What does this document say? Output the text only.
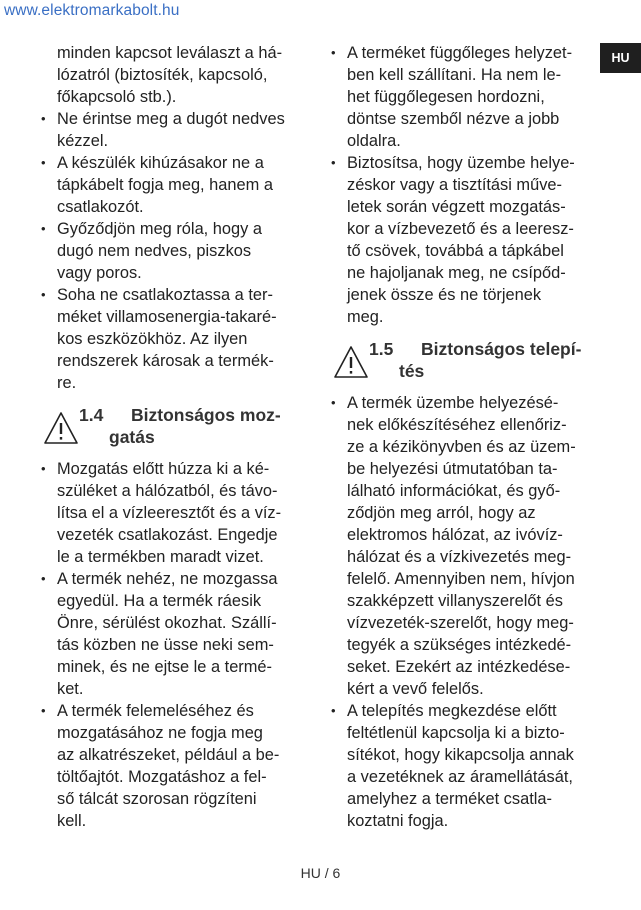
www.elektromarkabolt.hu
HU
minden kapcsot leválaszt a há-
lózatról (biztosíték, kapcsoló,
főkapcsoló stb.).
• Ne érintse meg a dugót nedves
kézzel.
• A készülék kihúzásakor ne a
tápkábelt fogja meg, hanem a
csatlakozót.
• Győződjön meg róla, hogy a
dugó nem nedves, piszkos
vagy poros.
• Soha ne csatlakoztassa a ter-
méket villamosenergia-takaré-
kos eszközökhöz. Az ilyen
rendszerek károsak a termék-
re.
1.4 Biztonságos moz-
gatás
• Mozgatás előtt húzza ki a ké-
szüléket a hálózatból, és távo-
lítsa el a vízleeresztőt és a víz-
vezeték csatlakozást. Engedje
le a termékben maradt vizet.
• A termék nehéz, ne mozgassa
egyedül. Ha a termék ráesik
Önre, sérülést okozhat. Szállí-
tás közben ne üsse neki sem-
minek, és ne ejtse le a termé-
ket.
• A termék felemeléséhez és
mozgatásához ne fogja meg
az alkatrészeket, például a be-
töltőajtót. Mozgatáshoz a fel-
ső tálcát szorosan rögzíteni
kell.
• A terméket függőleges helyzet-
ben kell szállítani. Ha nem le-
het függőlegesen hordozni,
döntse szemből nézve a jobb
oldalra.
• Biztosítsa, hogy üzembe helye-
zéskor vagy a tisztítási műve-
letek során végzett mozgatás-
kor a vízbevezető és a leeresz-
tő csövek, továbbá a tápkábel
ne hajoljanak meg, ne csípőd-
jenek össze és ne törjenek
meg.
1.5 Biztonságos telepí-
tés
• A termék üzembe helyezésé-
nek előkészítéséhez ellenőriz-
ze a kézikönyvben és az üzem-
be helyezési útmutatóban ta-
lálható információkat, és győ-
ződjön meg arról, hogy az
elektromos hálózat, az ivóvíz-
hálózat és a vízkivezetés meg-
felelő. Amennyiben nem, hívjon
szakképzett villanyszerelőt és
vízvezeték-szerelőt, hogy meg-
tegyék a szükséges intézkedé-
seket. Ezekért az intézkedése-
kért a vevő felelős.
• A telepítés megkezdése előtt
feltétlenül kapcsolja ki a bizto-
sítékot, hogy kikapcsolja annak
a vezetéknek az áramellátását,
amelyhez a terméket csatla-
koztatni fogja.
HU / 6
